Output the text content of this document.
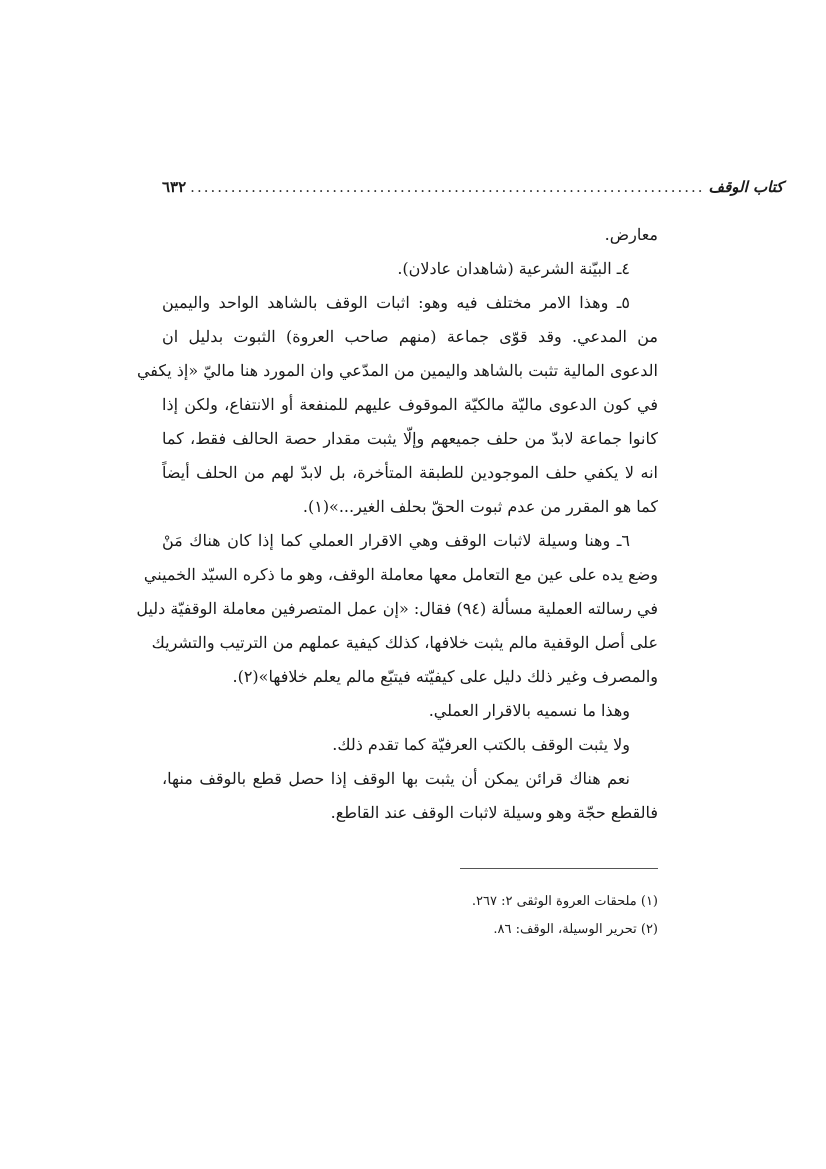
٦٣٢ ............................................................................ كتاب الوقف
معارض.
٤ـ البيّنة الشرعية (شاهدان عادلان).
٥ـ وهذا الامر مختلف فيه وهو: اثبات الوقف بالشاهد الواحد واليمين
من المدعي. وقد قوّى جماعة (منهم صاحب العروة) الثبوت بدليل ان
الدعوى المالية تثبت بالشاهد واليمين من المدّعي وان المورد هنا ماليّ «إذ يكفي
في كون الدعوى ماليّة مالكيّة الموقوف عليهم للمنفعة أو الانتفاع، ولكن إذا
كانوا جماعة لابدّ من حلف جميعهم وإلّا يثبت مقدار حصة الحالف فقط، كما
انه لا يكفي حلف الموجودين للطبقة المتأخرة، بل لابدّ لهم من الحلف أيضاً
كما هو المقرر من عدم ثبوت الحقّ بحلف الغير...»(١).
٦ـ وهنا وسيلة لاثبات الوقف وهي الاقرار العملي كما إذا كان هناك مَنْ
وضع يده على عين مع التعامل معها معاملة الوقف، وهو ما ذكره السيّد الخميني
في رسالته العملية مسألة (٩٤) فقال: «إن عمل المتصرفين معاملة الوقفيّة دليل
على أصل الوقفية مالم يثبت خلافها، كذلك كيفية عملهم من الترتيب والتشريك
والمصرف وغير ذلك دليل على كيفيّته فيتبّع مالم يعلم خلافها»(٢).
وهذا ما نسميه بالاقرار العملي.
ولا يثبت الوقف بالكتب العرفيّة كما تقدم ذلك.
نعم هناك قرائن يمكن أن يثبت بها الوقف إذا حصل قطع بالوقف منها،
فالقطع حجّة وهو وسيلة لاثبات الوقف عند القاطع.
(١) ملحقات العروة الوثقى ٢: ٢٦٧.
(٢) تحرير الوسيلة، الوقف: ٨٦.
